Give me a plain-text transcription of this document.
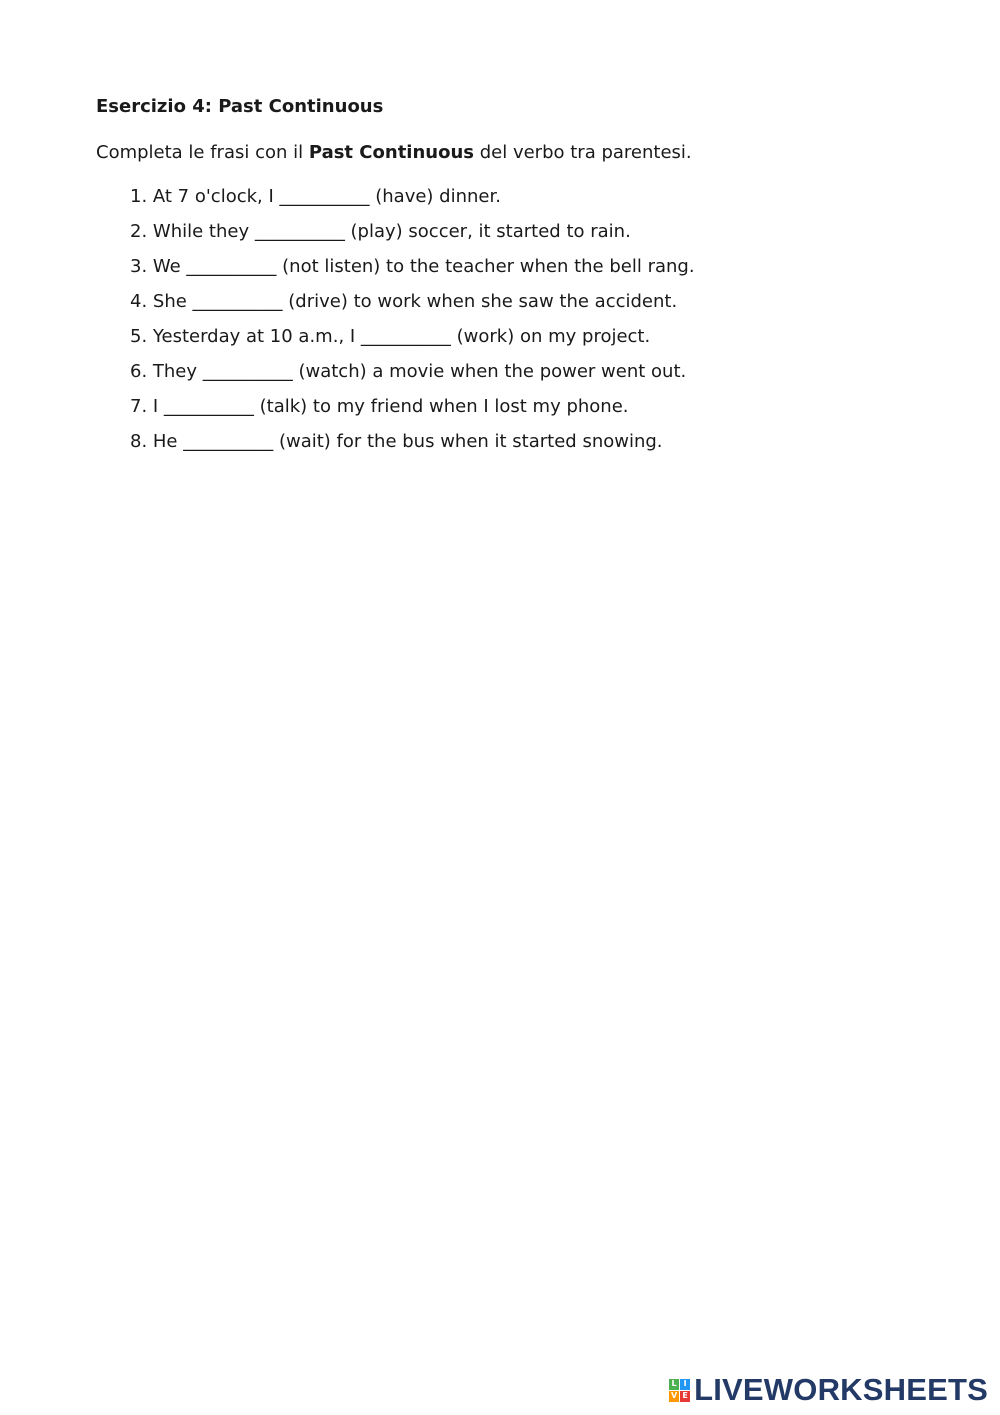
Esercizio 4: Past Continuous
Completa le frasi con il Past Continuous del verbo tra parentesi.
1. At 7 o'clock, I __________ (have) dinner.
2. While they __________ (play) soccer, it started to rain.
3. We __________ (not listen) to the teacher when the bell rang.
4. She __________ (drive) to work when she saw the accident.
5. Yesterday at 10 a.m., I __________ (work) on my project.
6. They __________ (watch) a movie when the power went out.
7. I __________ (talk) to my friend when I lost my phone.
8. He __________ (wait) for the bus when it started snowing.
L I
V E LIVEWORKSHEETS
